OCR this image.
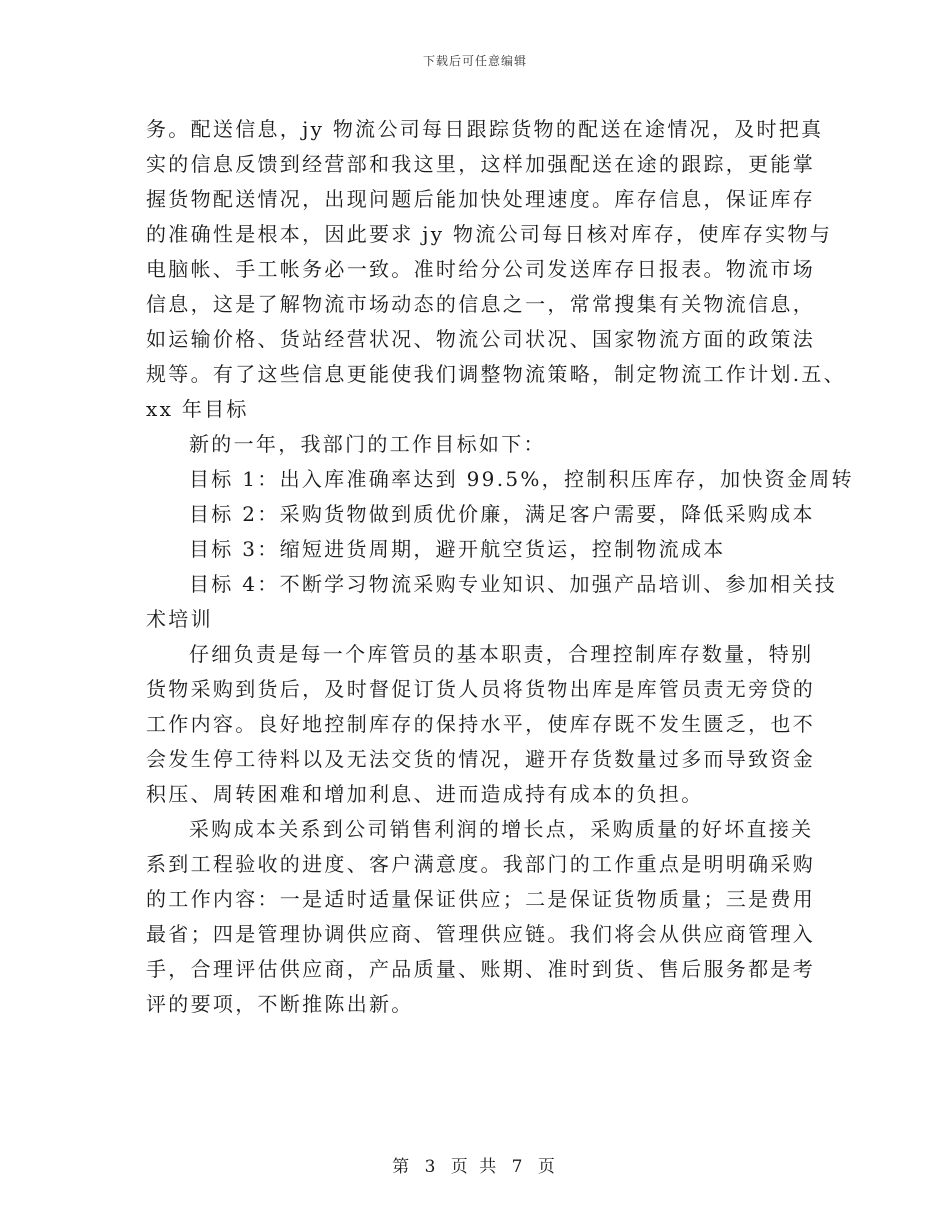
下载后可任意编辑
务。配送信息，jy 物流公司每日跟踪货物的配送在途情况，及时把真
实的信息反馈到经营部和我这里，这样加强配送在途的跟踪，更能掌
握货物配送情况，出现问题后能加快处理速度。库存信息，保证库存
的准确性是根本，因此要求 jy 物流公司每日核对库存，使库存实物与
电脑帐、手工帐务必一致。准时给分公司发送库存日报表。物流市场
信息，这是了解物流市场动态的信息之一，常常搜集有关物流信息，
如运输价格、货站经营状况、物流公司状况、国家物流方面的政策法
规等。有了这些信息更能使我们调整物流策略，制定物流工作计划.五、
xx 年目标
新的一年，我部门的工作目标如下：
目标 1：出入库准确率达到 99.5%，控制积压库存，加快资金周转
目标 2：采购货物做到质优价廉，满足客户需要，降低采购成本
目标 3：缩短进货周期，避开航空货运，控制物流成本
目标 4：不断学习物流采购专业知识、加强产品培训、参加相关技
术培训
仔细负责是每一个库管员的基本职责，合理控制库存数量，特别
货物采购到货后，及时督促订货人员将货物出库是库管员责无旁贷的
工作内容。良好地控制库存的保持水平，使库存既不发生匮乏，也不
会发生停工待料以及无法交货的情况，避开存货数量过多而导致资金
积压、周转困难和增加利息、进而造成持有成本的负担。
采购成本关系到公司销售利润的增长点，采购质量的好坏直接关
系到工程验收的进度、客户满意度。我部门的工作重点是明明确采购
的工作内容：一是适时适量保证供应；二是保证货物质量；三是费用
最省；四是管理协调供应商、管理供应链。我们将会从供应商管理入
手，合理评估供应商，产品质量、账期、准时到货、售后服务都是考
评的要项，不断推陈出新。
第 3 页 共 7 页
